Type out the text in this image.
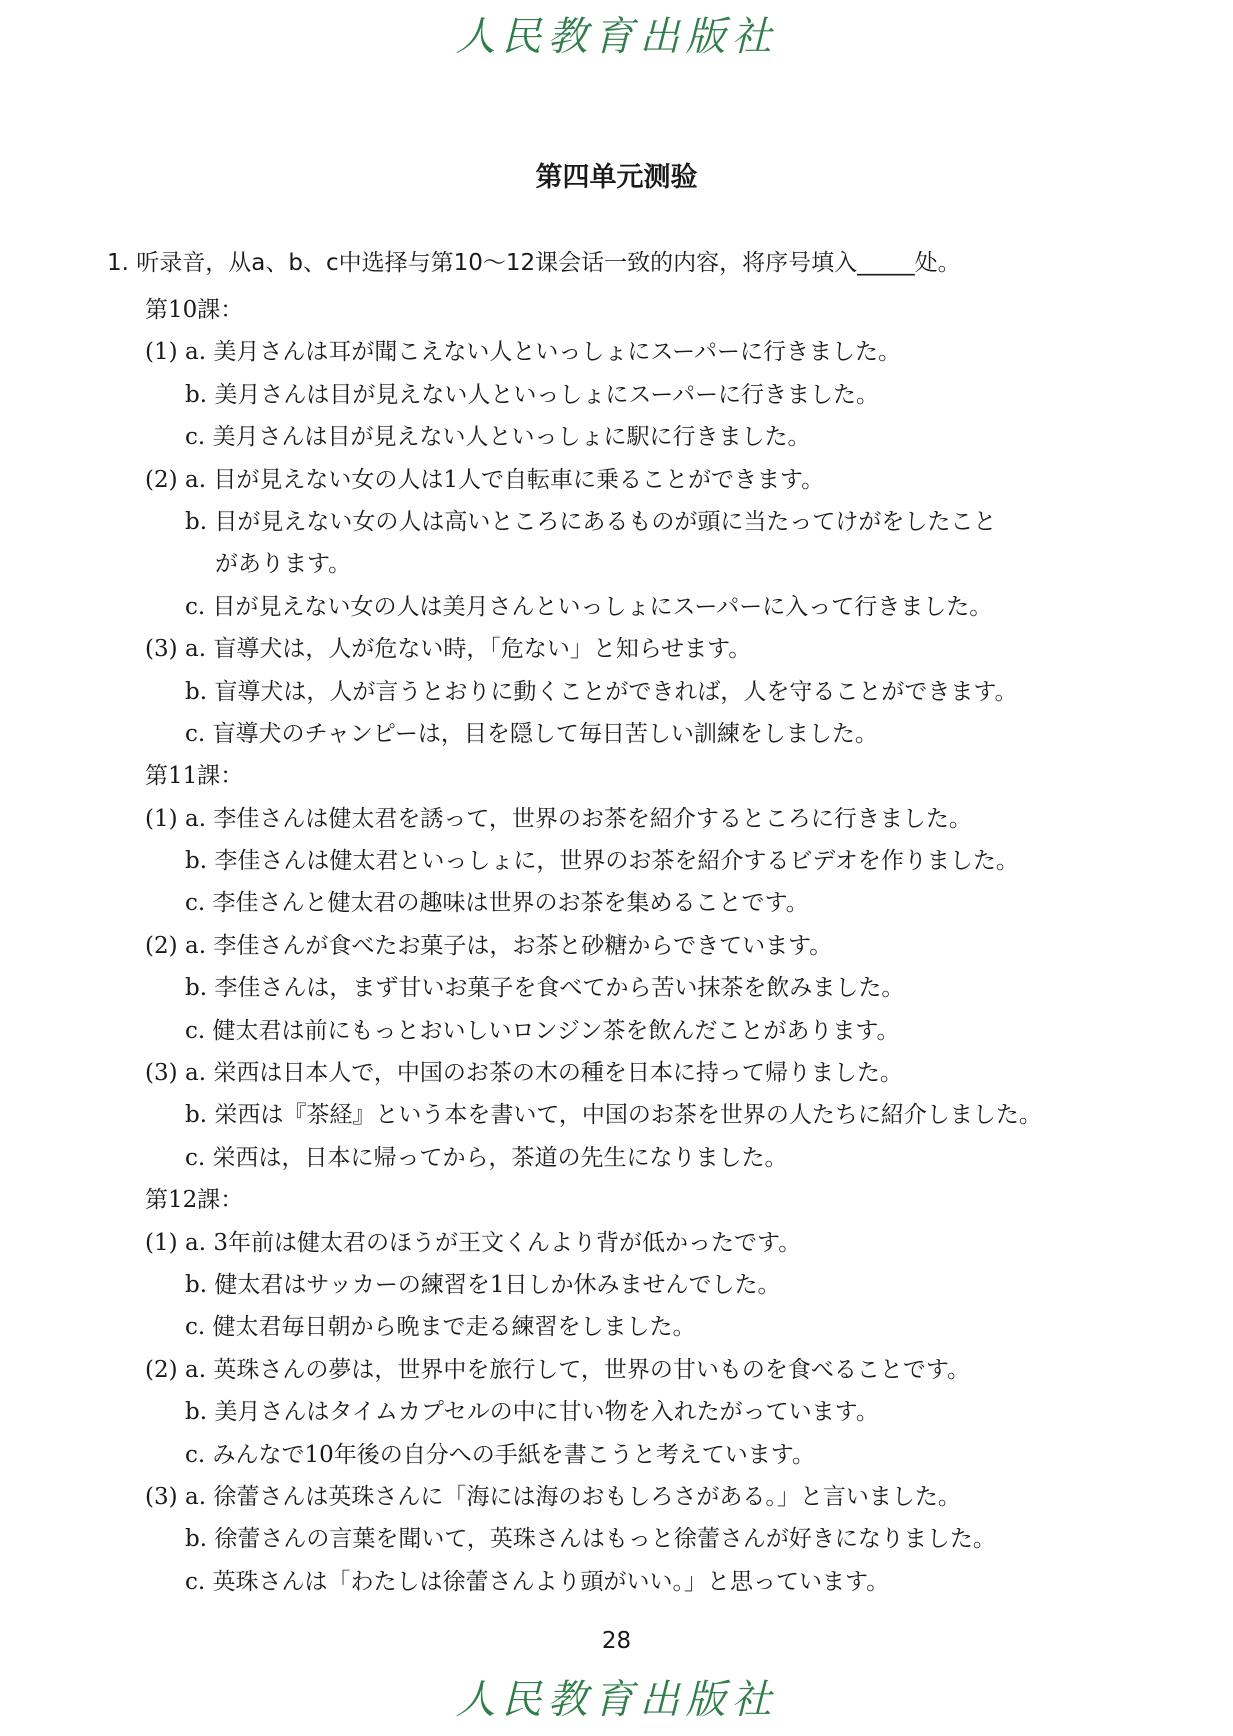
人民教育出版社
第四单元测验
1. 听录音，从a、b、c中选择与第10～12课会话一致的内容，将序号填入_____处。
第10課：
(1) a. 美月さんは耳が聞こえない人といっしょにスーパーに行きました。
b. 美月さんは目が見えない人といっしょにスーパーに行きました。
c. 美月さんは目が見えない人といっしょに駅に行きました。
(2) a. 目が見えない女の人は1人で自転車に乗ることができます。
b. 目が見えない女の人は高いところにあるものが頭に当たってけがをしたこと
があります。
c. 目が見えない女の人は美月さんといっしょにスーパーに入って行きました。
(3) a. 盲導犬は，人が危ない時，「危ない」と知らせます。
b. 盲導犬は，人が言うとおりに動くことができれば，人を守ることができます。
c. 盲導犬のチャンピーは，目を隠して毎日苦しい訓練をしました。
第11課：
(1) a. 李佳さんは健太君を誘って，世界のお茶を紹介するところに行きました。
b. 李佳さんは健太君といっしょに，世界のお茶を紹介するビデオを作りました。
c. 李佳さんと健太君の趣味は世界のお茶を集めることです。
(2) a. 李佳さんが食べたお菓子は，お茶と砂糖からできています。
b. 李佳さんは，まず甘いお菓子を食べてから苦い抹茶を飲みました。
c. 健太君は前にもっとおいしいロンジン茶を飲んだことがあります。
(3) a. 栄西は日本人で，中国のお茶の木の種を日本に持って帰りました。
b. 栄西は『茶経』という本を書いて，中国のお茶を世界の人たちに紹介しました。
c. 栄西は，日本に帰ってから，茶道の先生になりました。
第12課：
(1) a. 3年前は健太君のほうが王文くんより背が低かったです。
b. 健太君はサッカーの練習を1日しか休みませんでした。
c. 健太君毎日朝から晩まで走る練習をしました。
(2) a. 英珠さんの夢は，世界中を旅行して，世界の甘いものを食べることです。
b. 美月さんはタイムカプセルの中に甘い物を入れたがっています。
c. みんなで10年後の自分への手紙を書こうと考えています。
(3) a. 徐蕾さんは英珠さんに「海には海のおもしろさがある。」と言いました。
b. 徐蕾さんの言葉を聞いて，英珠さんはもっと徐蕾さんが好きになりました。
c. 英珠さんは「わたしは徐蕾さんより頭がいい。」と思っています。
28
人民教育出版社
